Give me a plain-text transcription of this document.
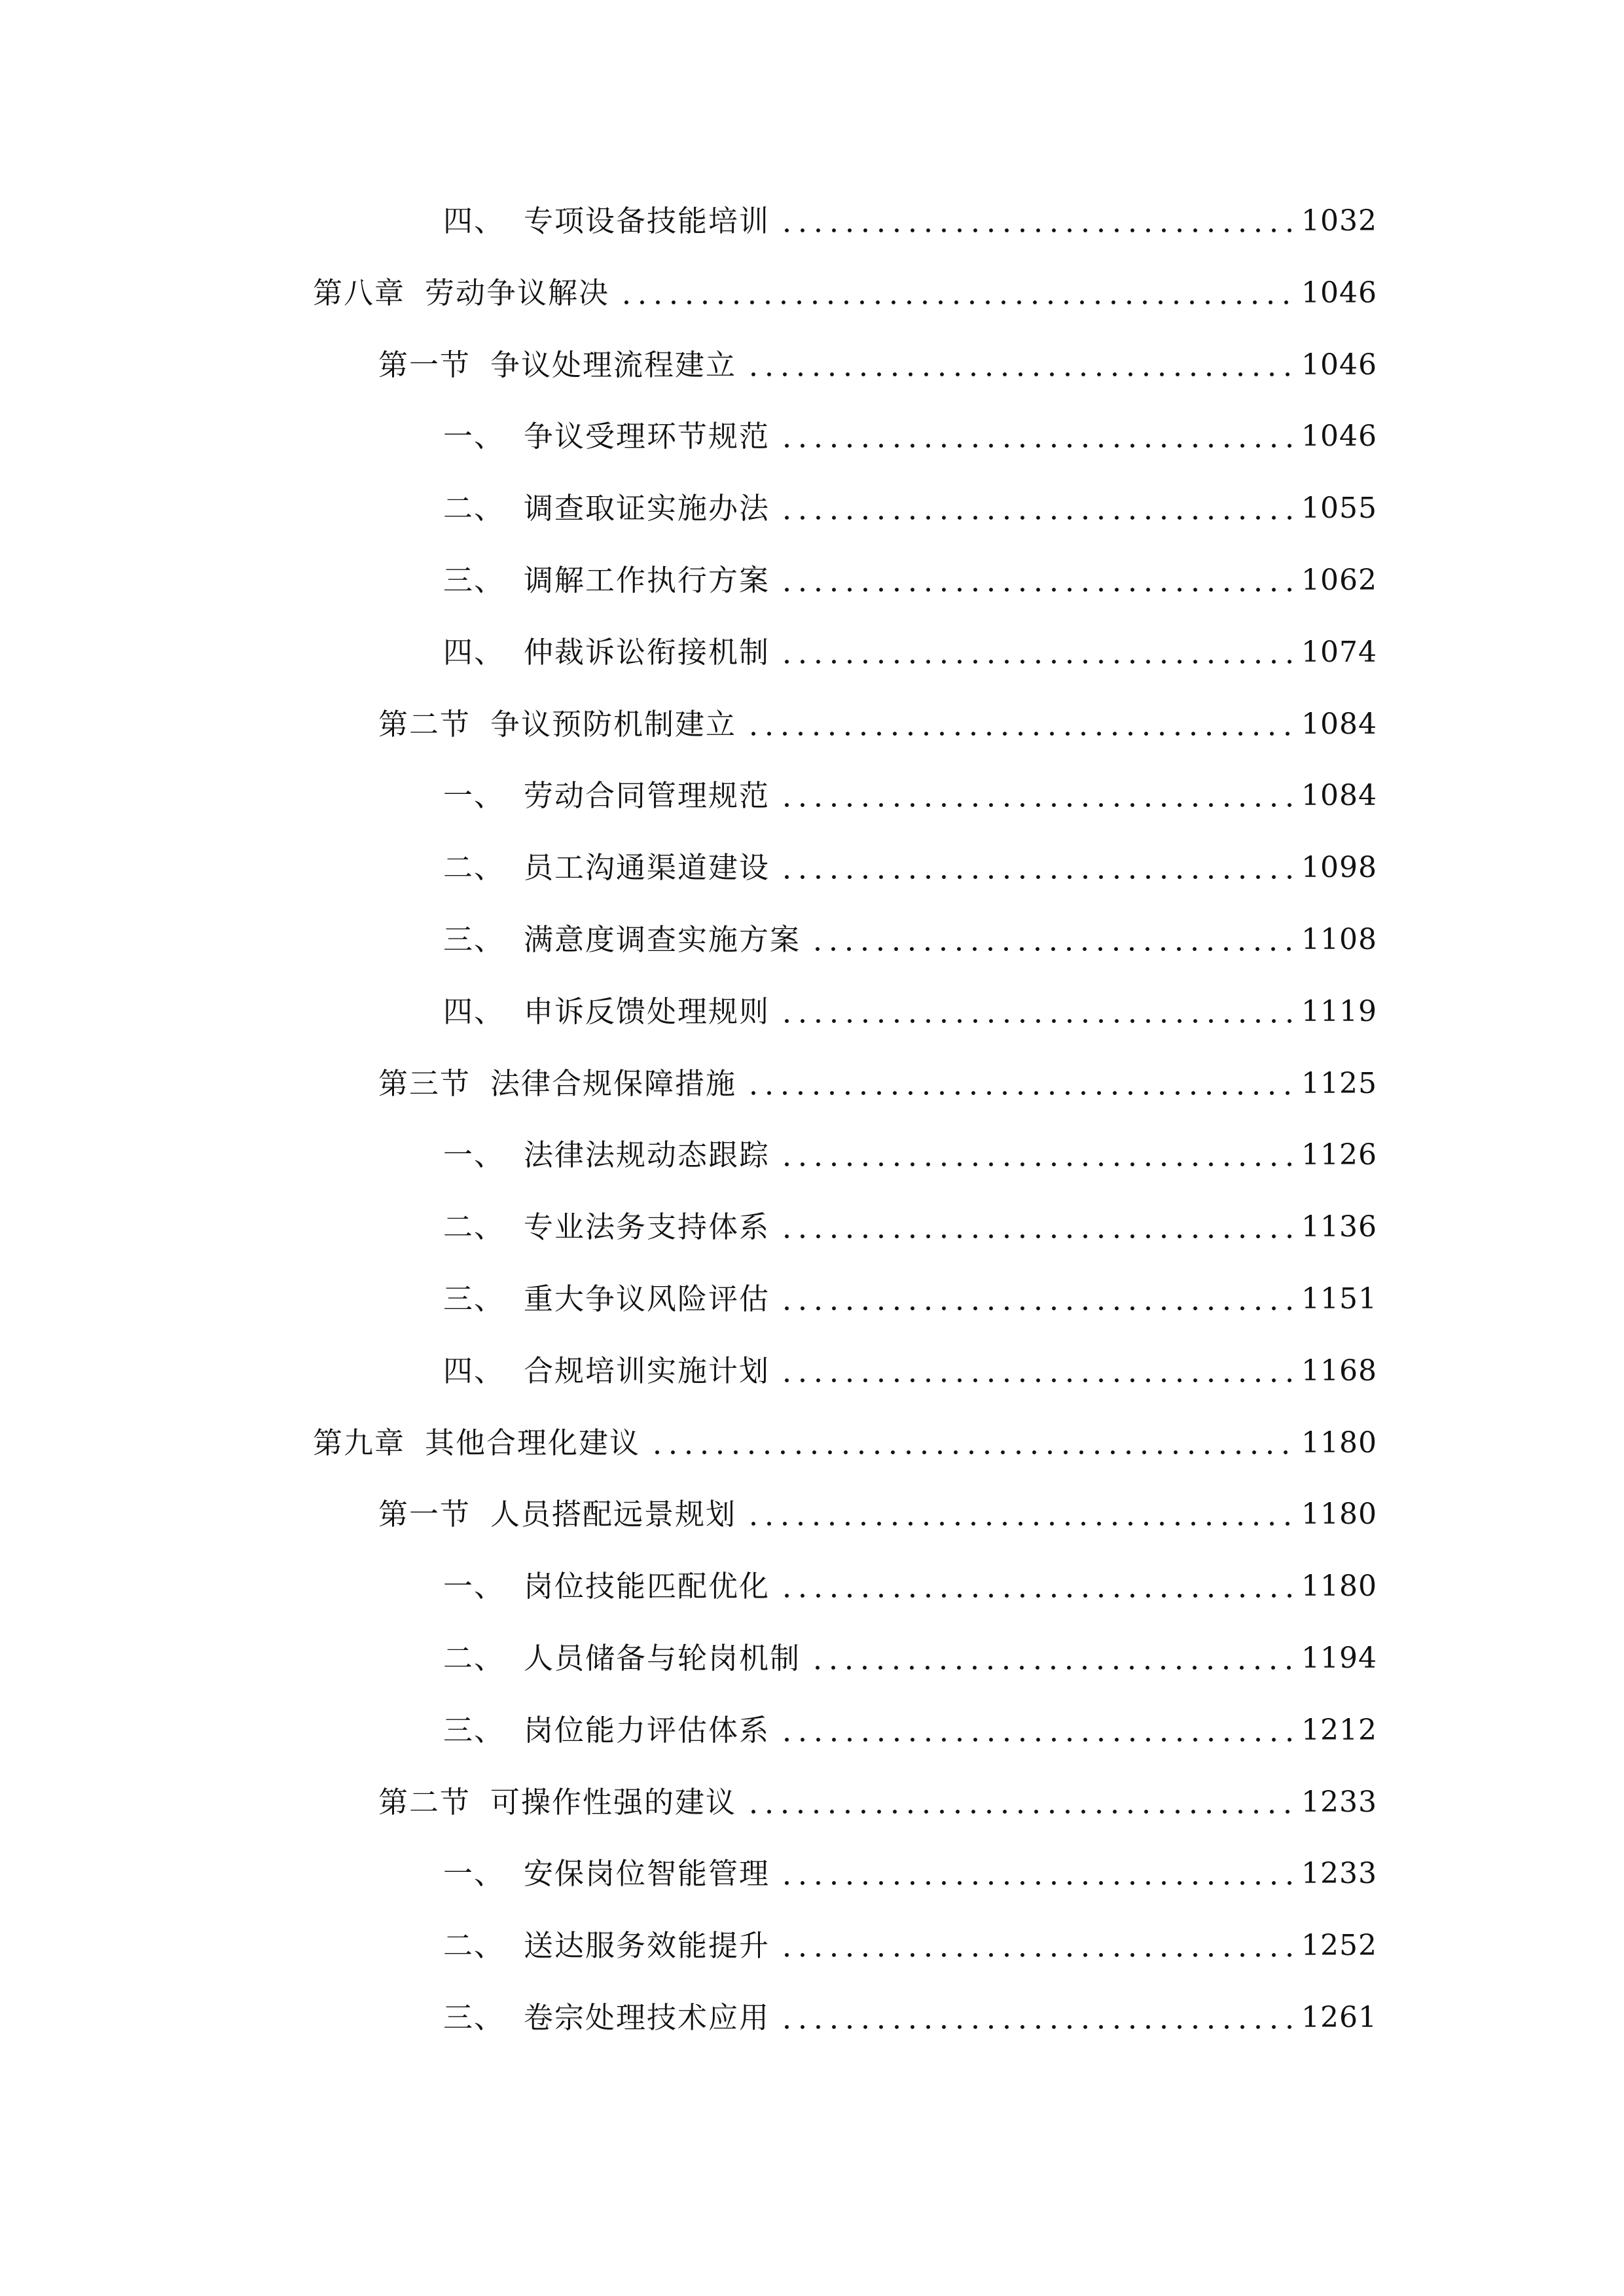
四、 专项设备技能培训	1032
第八章 劳动争议解决	1046
第一节 争议处理流程建立	1046
一、 争议受理环节规范	1046
二、 调查取证实施办法	1055
三、 调解工作执行方案	1062
四、 仲裁诉讼衔接机制	1074
第二节 争议预防机制建立	1084
一、 劳动合同管理规范	1084
二、 员工沟通渠道建设	1098
三、 满意度调查实施方案	1108
四、 申诉反馈处理规则	1119
第三节 法律合规保障措施	1125
一、 法律法规动态跟踪	1126
二、 专业法务支持体系	1136
三、 重大争议风险评估	1151
四、 合规培训实施计划	1168
第九章 其他合理化建议	1180
第一节 人员搭配远景规划	1180
一、 岗位技能匹配优化	1180
二、 人员储备与轮岗机制	1194
三、 岗位能力评估体系	1212
第二节 可操作性强的建议	1233
一、 安保岗位智能管理	1233
二、 送达服务效能提升	1252
三、 卷宗处理技术应用	1261
